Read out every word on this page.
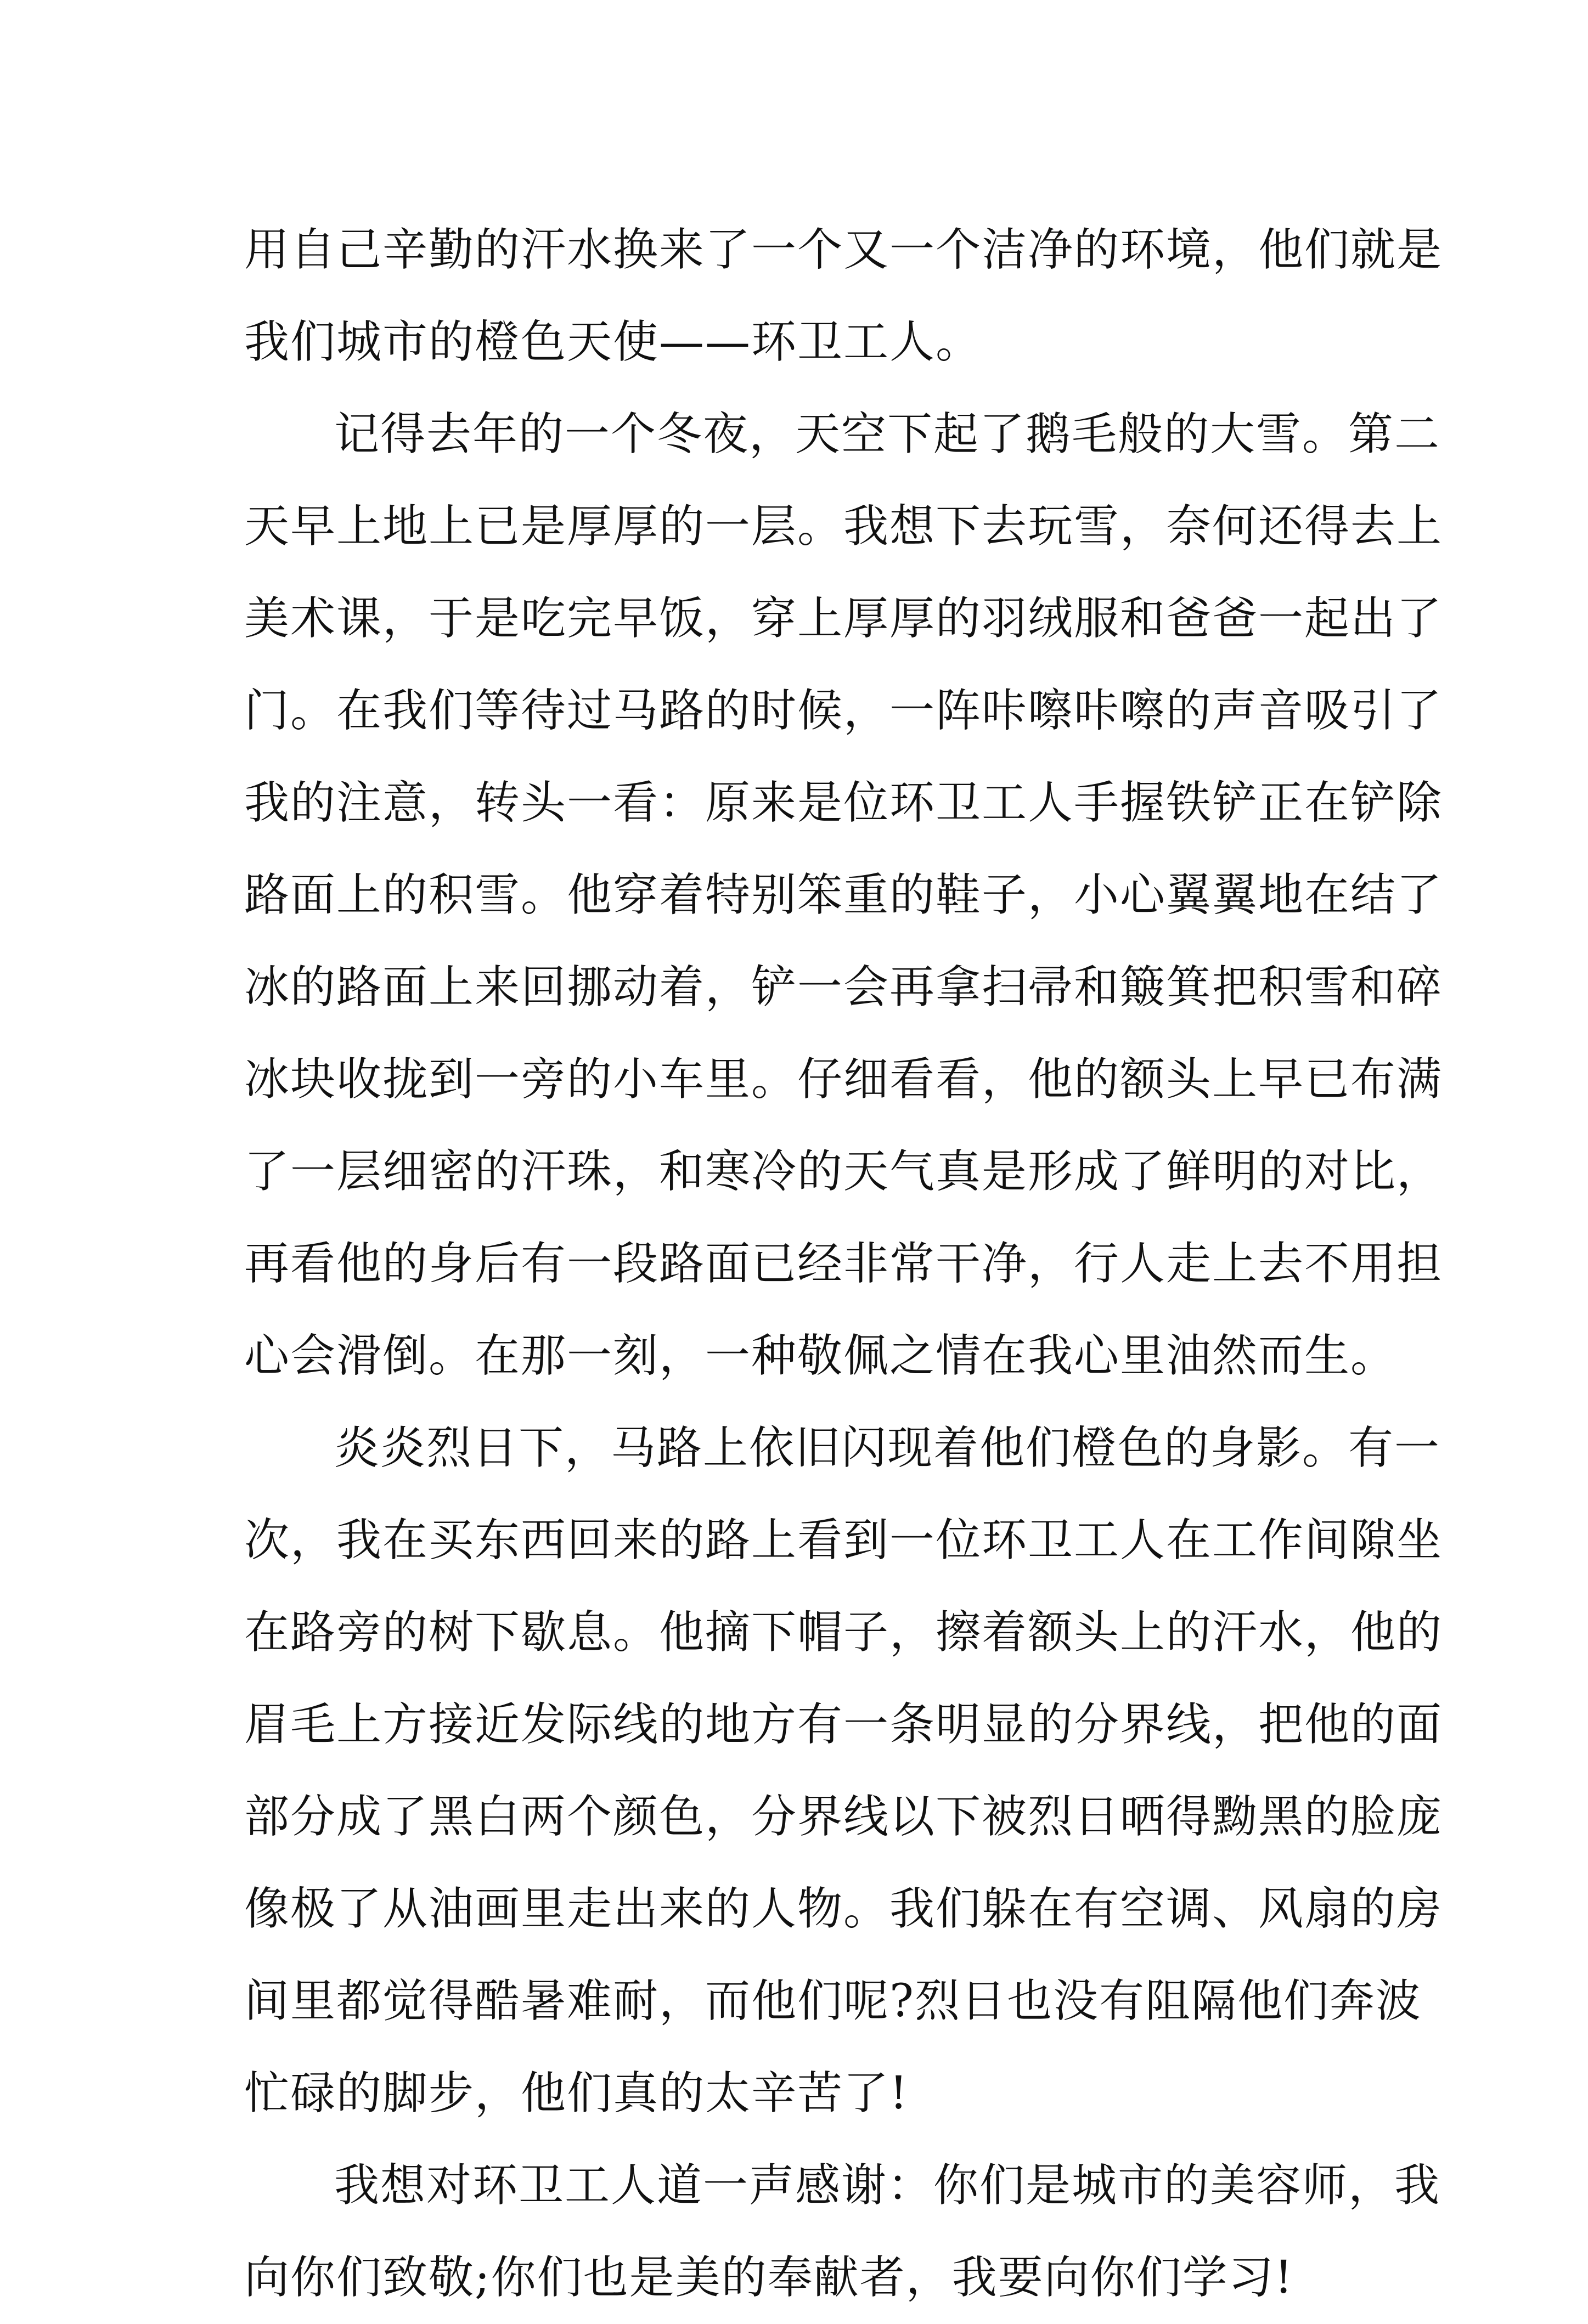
用自己辛勤的汗水换来了一个又一个洁净的环境，他们就是
我们城市的橙色天使——环卫工人。
记得去年的一个冬夜，天空下起了鹅毛般的大雪。第二
天早上地上已是厚厚的一层。我想下去玩雪，奈何还得去上
美术课，于是吃完早饭，穿上厚厚的羽绒服和爸爸一起出了
门。在我们等待过马路的时候，一阵咔嚓咔嚓的声音吸引了
我的注意，转头一看：原来是位环卫工人手握铁铲正在铲除
路面上的积雪。他穿着特别笨重的鞋子，小心翼翼地在结了
冰的路面上来回挪动着，铲一会再拿扫帚和簸箕把积雪和碎
冰块收拢到一旁的小车里。仔细看看，他的额头上早已布满
了一层细密的汗珠，和寒冷的天气真是形成了鲜明的对比，
再看他的身后有一段路面已经非常干净，行人走上去不用担
心会滑倒。在那一刻，一种敬佩之情在我心里油然而生。
炎炎烈日下，马路上依旧闪现着他们橙色的身影。有一
次，我在买东西回来的路上看到一位环卫工人在工作间隙坐
在路旁的树下歇息。他摘下帽子，擦着额头上的汗水，他的
眉毛上方接近发际线的地方有一条明显的分界线，把他的面
部分成了黑白两个颜色，分界线以下被烈日晒得黝黑的脸庞
像极了从油画里走出来的人物。我们躲在有空调、风扇的房
间里都觉得酷暑难耐，而他们呢?烈日也没有阻隔他们奔波
忙碌的脚步，他们真的太辛苦了!
我想对环卫工人道一声感谢：你们是城市的美容师，我
向你们致敬;你们也是美的奉献者，我要向你们学习!
